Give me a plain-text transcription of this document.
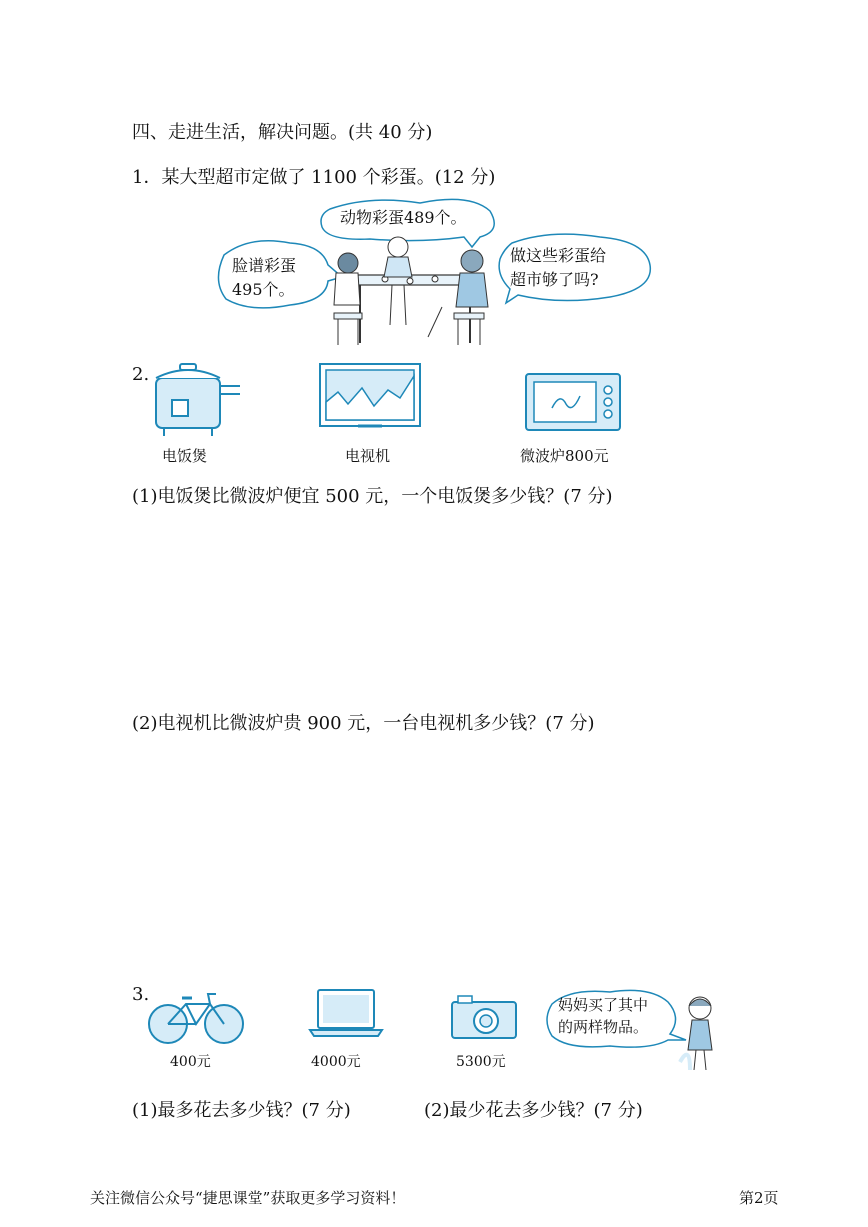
四、走进生活，解决问题。(共 40 分)
1．某大型超市定做了 1100 个彩蛋。(12 分)
动物彩蛋489个。
脸谱彩蛋
495个。
做这些彩蛋给
超市够了吗?
2.
电饭煲	电视机	微波炉800元
(1)电饭煲比微波炉便宜 500 元，一个电饭煲多少钱？(7 分)
(2)电视机比微波炉贵 900 元，一台电视机多少钱？(7 分)
3.
400元	4000元	5300元
妈妈买了其中
的两样物品。
(1)最多花去多少钱？(7 分)	(2)最少花去多少钱？(7 分)
关注微信公众号“捷思课堂”获取更多学习资料！	第2页
